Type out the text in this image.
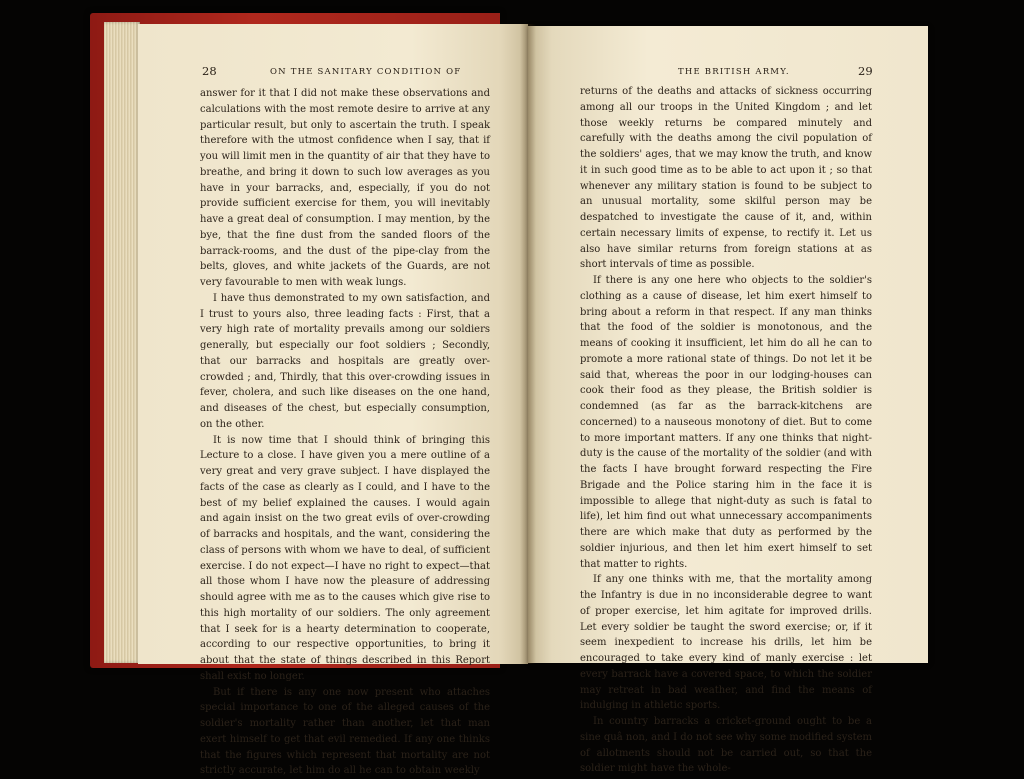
28	ON THE SANITARY CONDITION OF

answer for it that I did not make these observations and calculations with the most remote desire to arrive at any particular result, but only to ascertain the truth. I speak therefore with the utmost confidence when I say, that if you will limit men in the quantity of air that they have to breathe, and bring it down to such low averages as you have in your barracks, and, especially, if you do not provide sufficient exercise for them, you will inevitably have a great deal of consumption. I may mention, by the bye, that the fine dust from the sanded floors of the barrack-rooms, and the dust of the pipe-clay from the belts, gloves, and white jackets of the Guards, are not very favourable to men with weak lungs.

I have thus demonstrated to my own satisfaction, and I trust to yours also, three leading facts : First, that a very high rate of mortality prevails among our soldiers generally, but especially our foot soldiers ; Secondly, that our barracks and hospitals are greatly over-crowded ; and, Thirdly, that this over-crowding issues in fever, cholera, and such like diseases on the one hand, and diseases of the chest, but especially consumption, on the other.

It is now time that I should think of bringing this Lecture to a close. I have given you a mere outline of a very great and very grave subject. I have displayed the facts of the case as clearly as I could, and I have to the best of my belief explained the causes. I would again and again insist on the two great evils of over-crowding of barracks and hospitals, and the want, considering the class of persons with whom we have to deal, of sufficient exercise. I do not expect—I have no right to expect—that all those whom I have now the pleasure of addressing should agree with me as to the causes which give rise to this high mortality of our soldiers. The only agreement that I seek for is a hearty determination to cooperate, according to our respective opportunities, to bring it about that the state of things described in this Report shall exist no longer.

But if there is any one now present who attaches special importance to one of the alleged causes of the soldier's mortality rather than another, let that man exert himself to get that evil remedied. If any one thinks that the figures which represent that mortality are not strictly accurate, let him do all he can to obtain weekly

THE BRITISH ARMY.	29

returns of the deaths and attacks of sickness occurring among all our troops in the United Kingdom ; and let those weekly returns be compared minutely and carefully with the deaths among the civil population of the soldiers' ages, that we may know the truth, and know it in such good time as to be able to act upon it ; so that whenever any military station is found to be subject to an unusual mortality, some skilful person may be despatched to investigate the cause of it, and, within certain necessary limits of expense, to rectify it. Let us also have similar returns from foreign stations at as short intervals of time as possible.

If there is any one here who objects to the soldier's clothing as a cause of disease, let him exert himself to bring about a reform in that respect. If any man thinks that the food of the soldier is monotonous, and the means of cooking it insufficient, let him do all he can to promote a more rational state of things. Do not let it be said that, whereas the poor in our lodging-houses can cook their food as they please, the British soldier is condemned (as far as the barrack-kitchens are concerned) to a nauseous monotony of diet. But to come to more important matters. If any one thinks that night-duty is the cause of the mortality of the soldier (and with the facts I have brought forward respecting the Fire Brigade and the Police staring him in the face it is impossible to allege that night-duty as such is fatal to life), let him find out what unnecessary accompaniments there are which make that duty as performed by the soldier injurious, and then let him exert himself to set that matter to rights.

If any one thinks with me, that the mortality among the Infantry is due in no inconsiderable degree to want of proper exercise, let him agitate for improved drills. Let every soldier be taught the sword exercise; or, if it seem inexpedient to increase his drills, let him be encouraged to take every kind of manly exercise : let every barrack have a covered space, to which the soldier may retreat in bad weather, and find the means of indulging in athletic sports.

In country barracks a cricket-ground ought to be a sine quâ non, and I do not see why some modified system of allotments should not be carried out, so that the soldier might have the whole-
